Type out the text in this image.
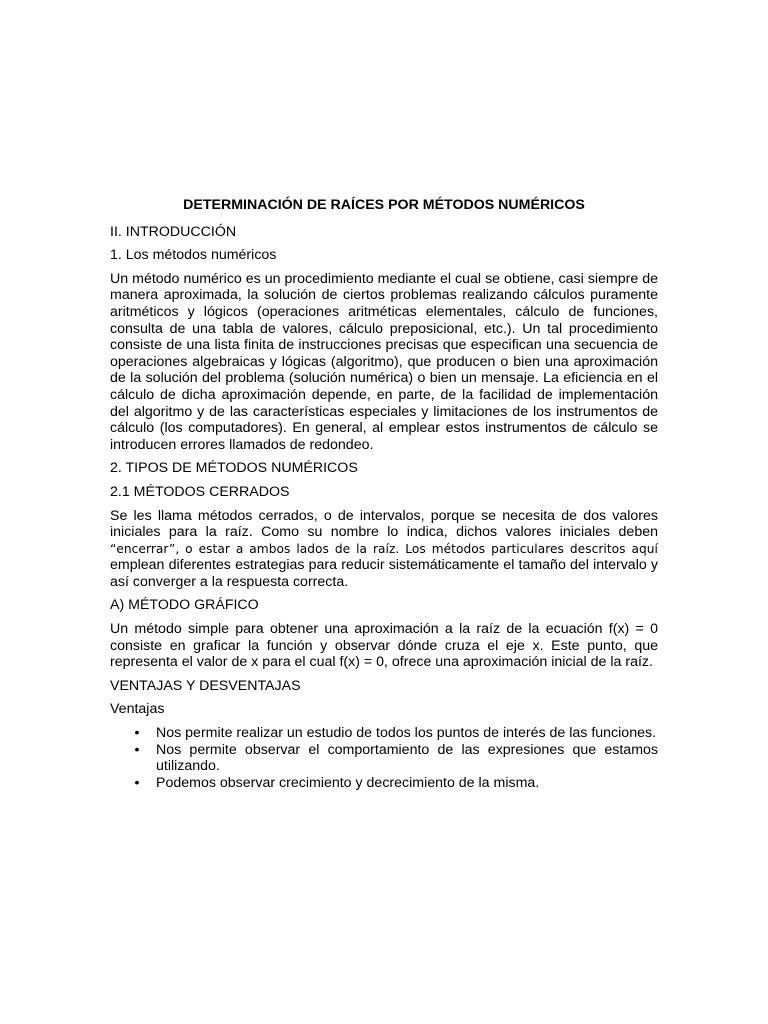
DETERMINACIÓN DE RAÍCES POR MÉTODOS NUMÉRICOS
II. INTRODUCCIÓN
1. Los métodos numéricos

Un método numérico es un procedimiento mediante el cual se obtiene, casi siempre de manera aproximada, la solución de ciertos problemas realizando cálculos puramente aritméticos y lógicos (operaciones aritméticas elementales, cálculo de funciones, consulta de una tabla de valores, cálculo preposicional, etc.). Un tal procedimiento consiste de una lista finita de instrucciones precisas que especifican una secuencia de operaciones algebraicas y lógicas (algoritmo), que producen o bien una aproximación de la solución del problema (solución numérica) o bien un mensaje. La eficiencia en el cálculo de dicha aproximación depende, en parte, de la facilidad de implementación del algoritmo y de las características especiales y limitaciones de los instrumentos de cálculo (los computadores). En general, al emplear estos instrumentos de cálculo se introducen errores llamados de redondeo.

2. TIPOS DE MÉTODOS NUMÉRICOS
2.1 MÉTODOS CERRADOS

Se les llama métodos cerrados, o de intervalos, porque se necesita de dos valores iniciales para la raíz. Como su nombre lo indica, dichos valores iniciales deben “encerrar”, o estar a ambos lados de la raíz. Los métodos particulares descritos aquí emplean diferentes estrategias para reducir sistemáticamente el tamaño del intervalo y así converger a la respuesta correcta.

A) MÉTODO GRÁFICO

Un método simple para obtener una aproximación a la raíz de la ecuación f(x) = 0 consiste en graficar la función y observar dónde cruza el eje x. Este punto, que representa el valor de x para el cual f(x) = 0, ofrece una aproximación inicial de la raíz.

VENTAJAS Y DESVENTAJAS
Ventajas
•	Nos permite realizar un estudio de todos los puntos de interés de las funciones.
•	Nos permite observar el comportamiento de las expresiones que estamos utilizando.
•	Podemos observar crecimiento y decrecimiento de la misma.
